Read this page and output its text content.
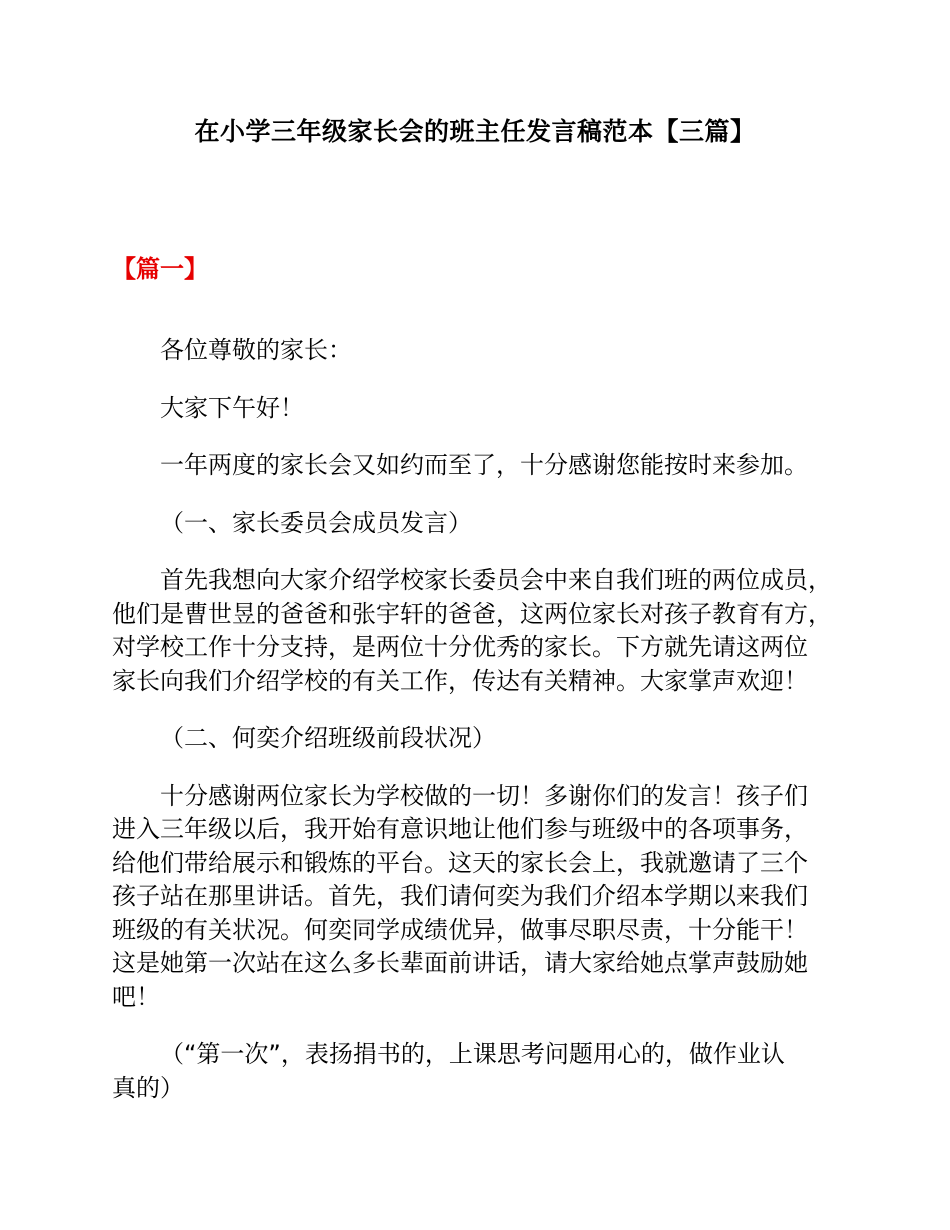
在小学三年级家长会的班主任发言稿范本【三篇】
【篇一】

各位尊敬的家长：

大家下午好！

一年两度的家长会又如约而至了，十分感谢您能按时来参加。

（一、家长委员会成员发言）

首先我想向大家介绍学校家长委员会中来自我们班的两位成员，
他们是曹世昱的爸爸和张宇轩的爸爸，这两位家长对孩子教育有方，
对学校工作十分支持，是两位十分优秀的家长。下方就先请这两位
家长向我们介绍学校的有关工作，传达有关精神。大家掌声欢迎！

（二、何奕介绍班级前段状况）

十分感谢两位家长为学校做的一切！多谢你们的发言！孩子们
进入三年级以后，我开始有意识地让他们参与班级中的各项事务，
给他们带给展示和锻炼的平台。这天的家长会上，我就邀请了三个
孩子站在那里讲话。首先，我们请何奕为我们介绍本学期以来我们
班级的有关状况。何奕同学成绩优异，做事尽职尽责，十分能干！
这是她第一次站在这么多长辈面前讲话，请大家给她点掌声鼓励她
吧！

（“第一次”，表扬捐书的，上课思考问题用心的，做作业认
真的）
